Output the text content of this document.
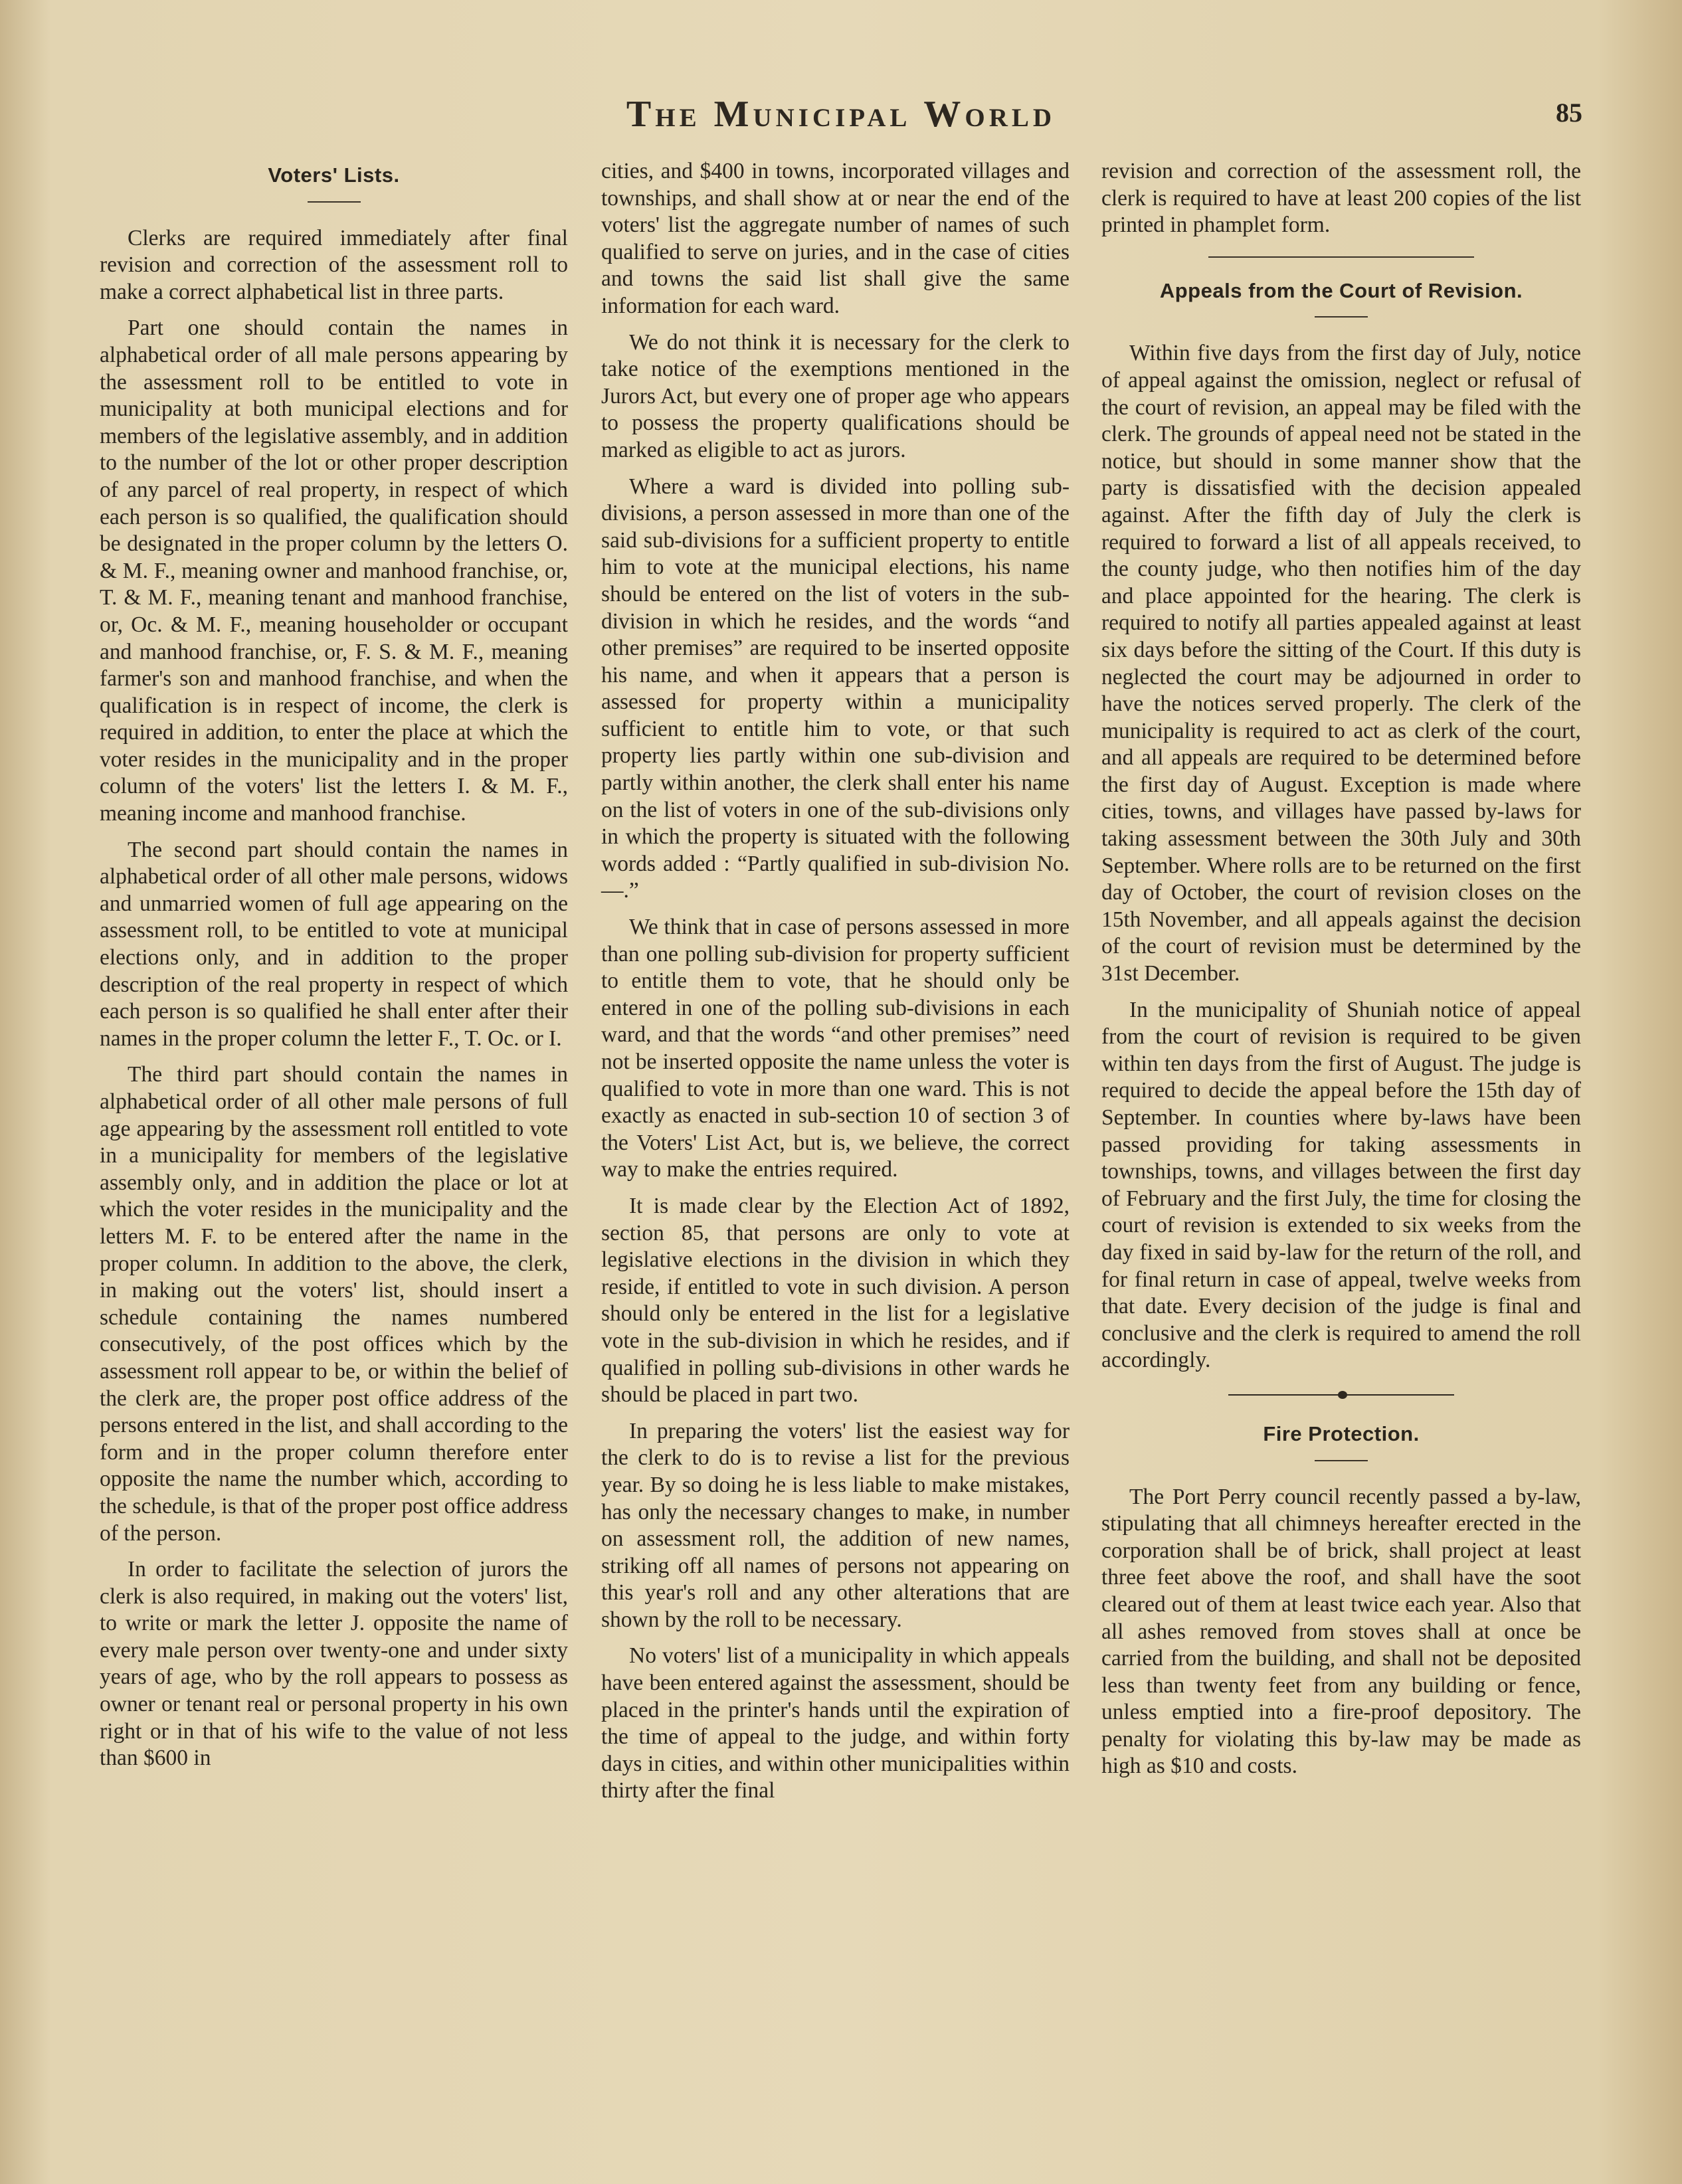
The Municipal World	85
Voters' Lists.

Clerks are required immediately after final revision and correction of the assessment roll to make a correct alphabetical list in three parts.

Part one should contain the names in alphabetical order of all male persons appearing by the assessment roll to be entitled to vote in municipality at both municipal elections and for members of the legislative assembly, and in addition to the number of the lot or other proper description of any parcel of real property, in respect of which each person is so qualified, the qualification should be designated in the proper column by the letters O. & M. F., meaning owner and manhood franchise, or, T. & M. F., meaning tenant and manhood franchise, or, Oc. & M. F., meaning householder or occupant and manhood franchise, or, F. S. & M. F., meaning farmer's son and manhood franchise, and when the qualification is in respect of income, the clerk is required in addition, to enter the place at which the voter resides in the municipality and in the proper column of the voters' list the letters I. & M. F., meaning income and manhood franchise.

The second part should contain the names in alphabetical order of all other male persons, widows and unmarried women of full age appearing on the assessment roll, to be entitled to vote at municipal elections only, and in addition to the proper description of the real property in respect of which each person is so qualified he shall enter after their names in the proper column the letter F., T. Oc. or I.

The third part should contain the names in alphabetical order of all other male persons of full age appearing by the assessment roll entitled to vote in a municipality for members of the legislative assembly only, and in addition the place or lot at which the voter resides in the municipality and the letters M. F. to be entered after the name in the proper column. In addition to the above, the clerk, in making out the voters' list, should insert a schedule containing the names numbered consecutively, of the post offices which by the assessment roll appear to be, or within the belief of the clerk are, the proper post office address of the persons entered in the list, and shall according to the form and in the proper column therefore enter opposite the name the number which, according to the schedule, is that of the proper post office address of the person.

In order to facilitate the selection of jurors the clerk is also required, in making out the voters' list, to write or mark the letter J. opposite the name of every male person over twenty-one and under sixty years of age, who by the roll appears to possess as owner or tenant real or personal property in his own right or in that of his wife to the value of not less than $600 in

cities, and $400 in towns, incorporated villages and townships, and shall show at or near the end of the voters' list the aggregate number of names of such qualified to serve on juries, and in the case of cities and towns the said list shall give the same information for each ward.

We do not think it is necessary for the clerk to take notice of the exemptions mentioned in the Jurors Act, but every one of proper age who appears to possess the property qualifications should be marked as eligible to act as jurors.

Where a ward is divided into polling sub-divisions, a person assessed in more than one of the said sub-divisions for a sufficient property to entitle him to vote at the municipal elections, his name should be entered on the list of voters in the sub-division in which he resides, and the words “and other premises” are required to be inserted opposite his name, and when it appears that a person is assessed for property within a municipality sufficient to entitle him to vote, or that such property lies partly within one sub-division and partly within another, the clerk shall enter his name on the list of voters in one of the sub-divisions only in which the property is situated with the following words added : “Partly qualified in sub-division No. —.”

We think that in case of persons assessed in more than one polling sub-division for property sufficient to entitle them to vote, that he should only be entered in one of the polling sub-divisions in each ward, and that the words “and other premises” need not be inserted opposite the name unless the voter is qualified to vote in more than one ward. This is not exactly as enacted in sub-section 10 of section 3 of the Voters' List Act, but is, we believe, the correct way to make the entries required.

It is made clear by the Election Act of 1892, section 85, that persons are only to vote at legislative elections in the division in which they reside, if entitled to vote in such division. A person should only be entered in the list for a legislative vote in the sub-division in which he resides, and if qualified in polling sub-divisions in other wards he should be placed in part two.

In preparing the voters' list the easiest way for the clerk to do is to revise a list for the previous year. By so doing he is less liable to make mistakes, has only the necessary changes to make, in number on assessment roll, the addition of new names, striking off all names of persons not appearing on this year's roll and any other alterations that are shown by the roll to be necessary.

No voters' list of a municipality in which appeals have been entered against the assessment, should be placed in the printer's hands until the expiration of the time of appeal to the judge, and within forty days in cities, and within other municipalities within thirty after the final

revision and correction of the assessment roll, the clerk is required to have at least 200 copies of the list printed in phamplet form.

Appeals from the Court of Revision.

Within five days from the first day of July, notice of appeal against the omission, neglect or refusal of the court of revision, an appeal may be filed with the clerk. The grounds of appeal need not be stated in the notice, but should in some manner show that the party is dissatisfied with the decision appealed against. After the fifth day of July the clerk is required to forward a list of all appeals received, to the county judge, who then notifies him of the day and place appointed for the hearing. The clerk is required to notify all parties appealed against at least six days before the sitting of the Court. If this duty is neglected the court may be adjourned in order to have the notices served properly. The clerk of the municipality is required to act as clerk of the court, and all appeals are required to be determined before the first day of August. Exception is made where cities, towns, and villages have passed by-laws for taking assessment between the 30th July and 30th September. Where rolls are to be returned on the first day of October, the court of revision closes on the 15th November, and all appeals against the decision of the court of revision must be determined by the 31st December.

In the municipality of Shuniah notice of appeal from the court of revision is required to be given within ten days from the first of August. The judge is required to decide the appeal before the 15th day of September. In counties where by-laws have been passed providing for taking assessments in townships, towns, and villages between the first day of February and the first July, the time for closing the court of revision is extended to six weeks from the day fixed in said by-law for the return of the roll, and for final return in case of appeal, twelve weeks from that date. Every decision of the judge is final and conclusive and the clerk is required to amend the roll accordingly.

Fire Protection.

The Port Perry council recently passed a by-law, stipulating that all chimneys hereafter erected in the corporation shall be of brick, shall project at least three feet above the roof, and shall have the soot cleared out of them at least twice each year. Also that all ashes removed from stoves shall at once be carried from the building, and shall not be deposited less than twenty feet from any building or fence, unless emptied into a fire-proof depository. The penalty for violating this by-law may be made as high as $10 and costs.
